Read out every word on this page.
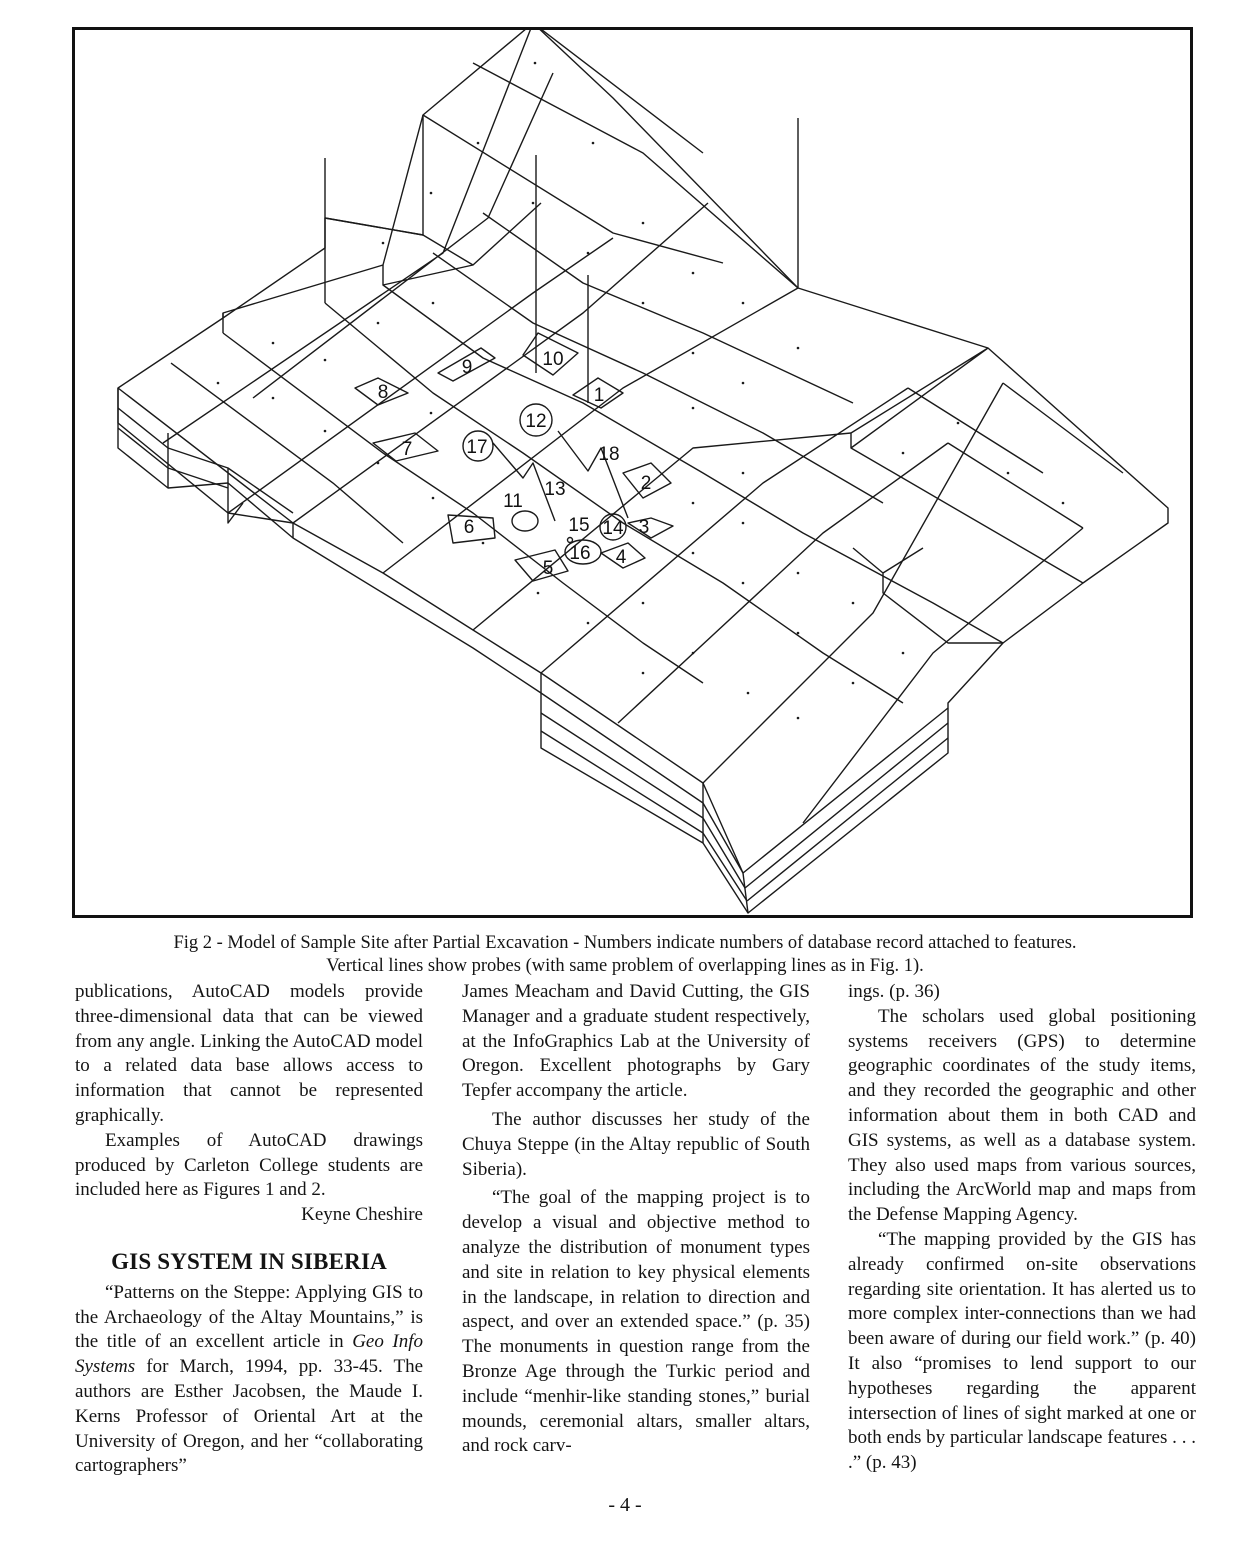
1
2
3
4
5
6
7
8
9	10
11
12
13
14
15
16
17	18
Fig 2 - Model of Sample Site after Partial Excavation - Numbers indicate numbers of database record attached to features.
Vertical lines show probes (with same problem of overlapping lines as in Fig. 1).

publications, AutoCAD models provide three-dimensional data that can be viewed from any angle. Linking the AutoCAD model to a related data base allows access to information that cannot be represented graphically.

Examples of AutoCAD drawings produced by Carleton College students are included here as Figures 1 and 2.

Keyne Cheshire

GIS SYSTEM IN SIBERIA

“Patterns on the Steppe: Applying GIS to the Archaeology of the Altay Mountains,” is the title of an excellent article in Geo Info Systems for March, 1994, pp. 33-45. The authors are Esther Jacobsen, the Maude I. Kerns Professor of Oriental Art at the University of Oregon, and her “collaborating cartographers”

James Meacham and David Cutting, the GIS Manager and a graduate student respectively, at the InfoGraphics Lab at the University of Oregon. Excellent photographs by Gary Tepfer accompany the article.

The author discusses her study of the Chuya Steppe (in the Altay republic of South Siberia).

“The goal of the mapping project is to develop a visual and objective method to analyze the distribution of monument types and site in relation to key physical elements in the landscape, in relation to direction and aspect, and over an extended space.” (p. 35) The monuments in question range from the Bronze Age through the Turkic period and include “menhir-like standing stones,” burial mounds, ceremonial altars, smaller altars, and rock carv-

ings. (p. 36)

The scholars used global positioning systems receivers (GPS) to determine geographic coordinates of the study items, and they recorded the geographic and other information about them in both CAD and GIS systems, as well as a database system. They also used maps from various sources, including the ArcWorld map and maps from the Defense Mapping Agency.

“The mapping provided by the GIS has already confirmed on-site observations regarding site orientation. It has alerted us to more complex inter-connections than we had been aware of during our field work.” (p. 40) It also “promises to lend support to our hypotheses regarding the apparent intersection of lines of sight marked at one or both ends by particular landscape features . . . .” (p. 43)

- 4 -
